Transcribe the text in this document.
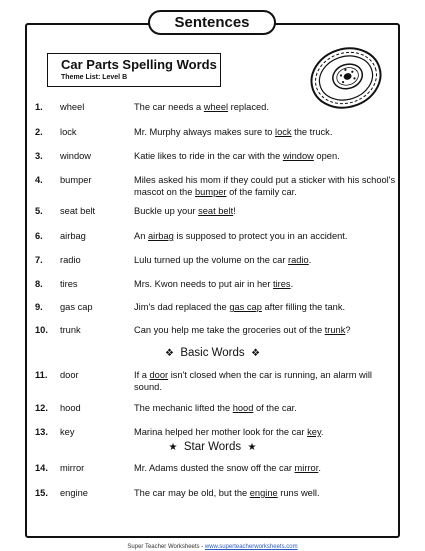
Sentences
Car Parts Spelling Words
Theme List: Level B
1. wheel	The car needs a wheel replaced.
2. lock	Mr. Murphy always makes sure to lock the truck.
3. window	Katie likes to ride in the car with the window open.
4. bumper	Miles asked his mom if they could put a sticker with his school's mascot on the bumper of the family car.
5. seat belt	Buckle up your seat belt!
6. airbag	An airbag is supposed to protect you in an accident.
7. radio	Lulu turned up the volume on the car radio.
8. tires	Mrs. Kwon needs to put air in her tires.
9. gas cap	Jim's dad replaced the gas cap after filling the tank.
10. trunk	Can you help me take the groceries out of the trunk?
❖ Basic Words ❖
11. door	If a door isn't closed when the car is running, an alarm will sound.
12. hood	The mechanic lifted the hood of the car.
13. key	Marina helped her mother look for the car key.
★ Star Words ★
14. mirror	Mr. Adams dusted the snow off the car mirror.
15. engine	The car may be old, but the engine runs well.
Super Teacher Worksheets - www.superteacherworksheets.com
